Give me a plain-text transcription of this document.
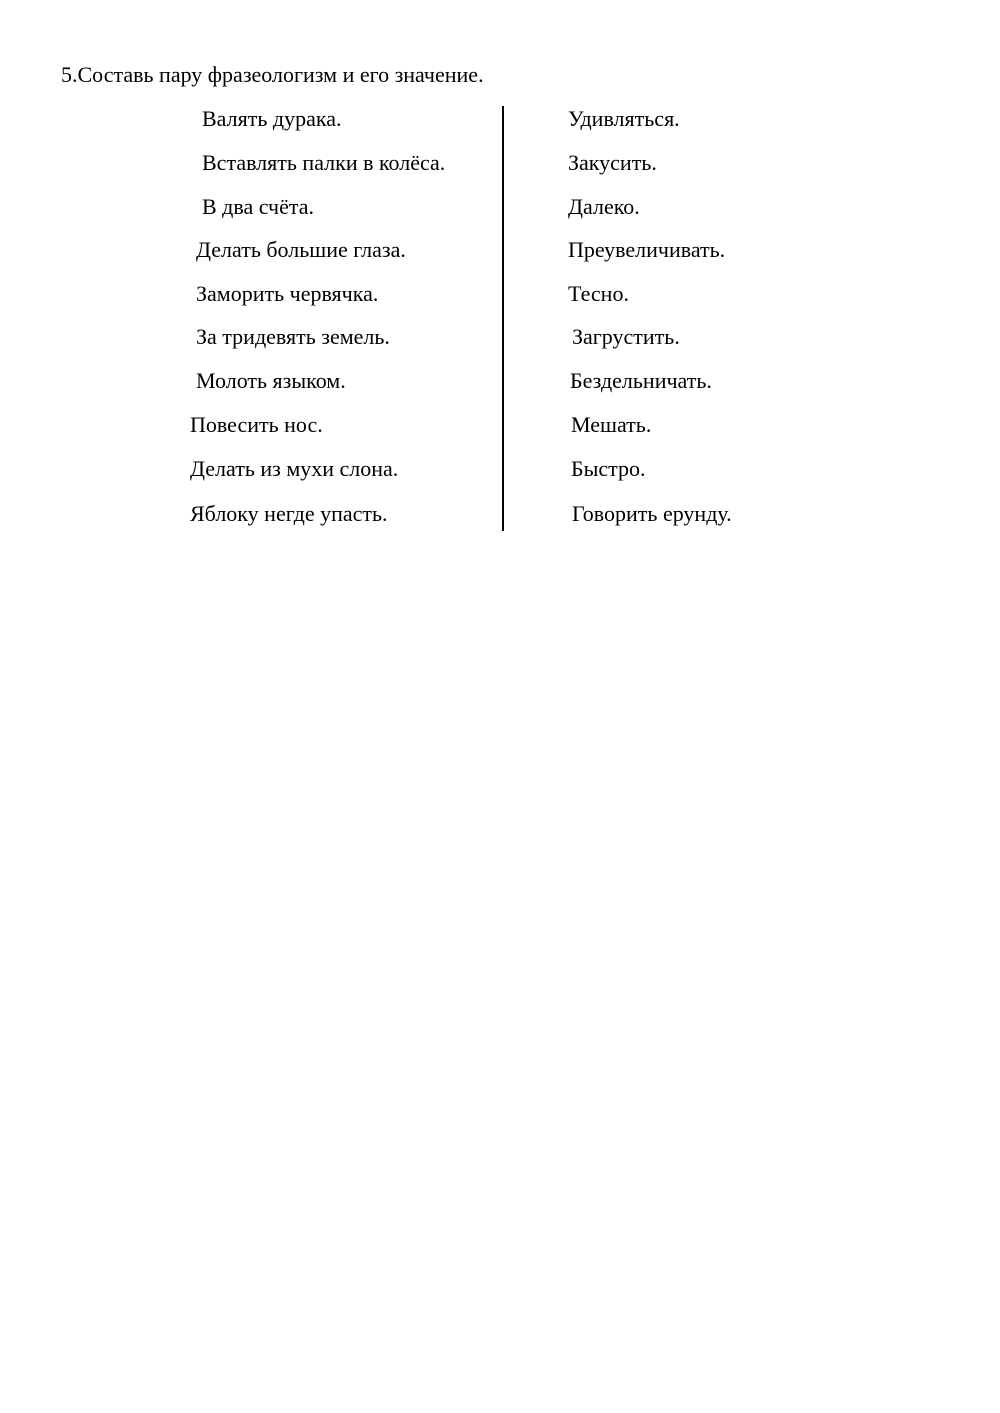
5.Составь пару фразеологизм и его значение.
Валять дурака.
Вставлять палки в колёса.
В два счёта.
Делать большие глаза.
Заморить червячка.
За тридевять земель.
Молоть языком.
Повесить нос.
Делать из мухи слона.
Яблоку негде упасть.
Удивляться.
Закусить.
Далеко.
Преувеличивать.
Тесно.
Загрустить.
Бездельничать.
Мешать.
Быстро.
Говорить ерунду.
